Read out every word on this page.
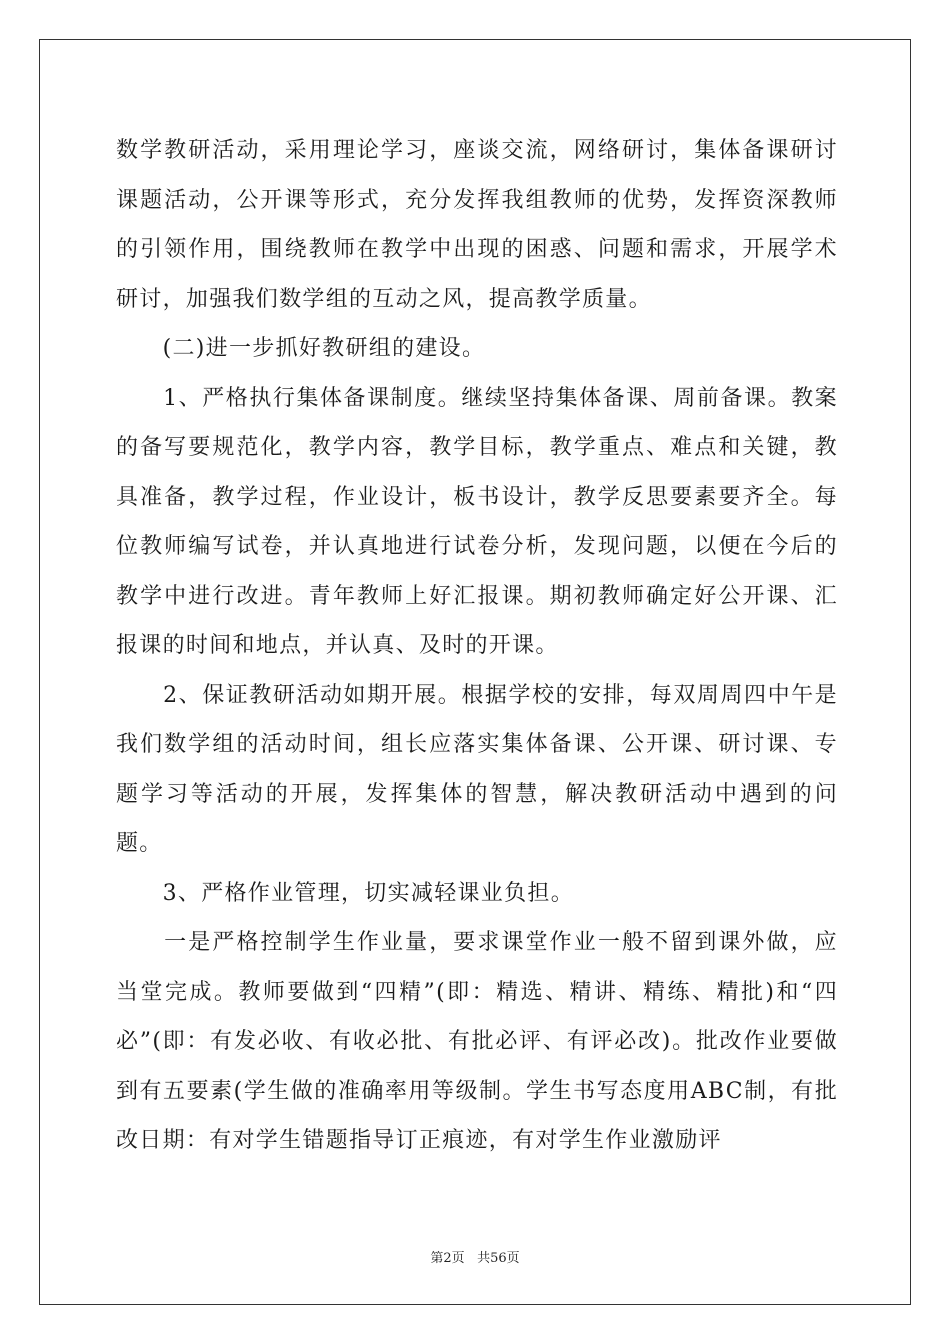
数学教研活动，采用理论学习，座谈交流，网络研讨，集体备课研讨课题活动，公开课等形式，充分发挥我组教师的优势，发挥资深教师的引领作用，围绕教师在教学中出现的困惑、问题和需求，开展学术研讨，加强我们数学组的互动之风，提高教学质量。

　　(二)进一步抓好教研组的建设。

　　1、严格执行集体备课制度。继续坚持集体备课、周前备课。教案的备写要规范化，教学内容，教学目标，教学重点、难点和关键，教具准备，教学过程，作业设计，板书设计，教学反思要素要齐全。每位教师编写试卷，并认真地进行试卷分析，发现问题，以便在今后的教学中进行改进。青年教师上好汇报课。期初教师确定好公开课、汇报课的时间和地点，并认真、及时的开课。

　　2、保证教研活动如期开展。根据学校的安排，每双周周四中午是我们数学组的活动时间，组长应落实集体备课、公开课、研讨课、专题学习等活动的开展，发挥集体的智慧，解决教研活动中遇到的问题。

　　3、严格作业管理，切实减轻课业负担。

　　一是严格控制学生作业量，要求课堂作业一般不留到课外做，应当堂完成。教师要做到“四精”(即：精选、精讲、精练、精批)和“四必”(即：有发必收、有收必批、有批必评、有评必改)。批改作业要做到有五要素(学生做的准确率用等级制。学生书写态度用ABC制，有批改日期：有对学生错题指导订正痕迹，有对学生作业激励评

第2页 共56页
